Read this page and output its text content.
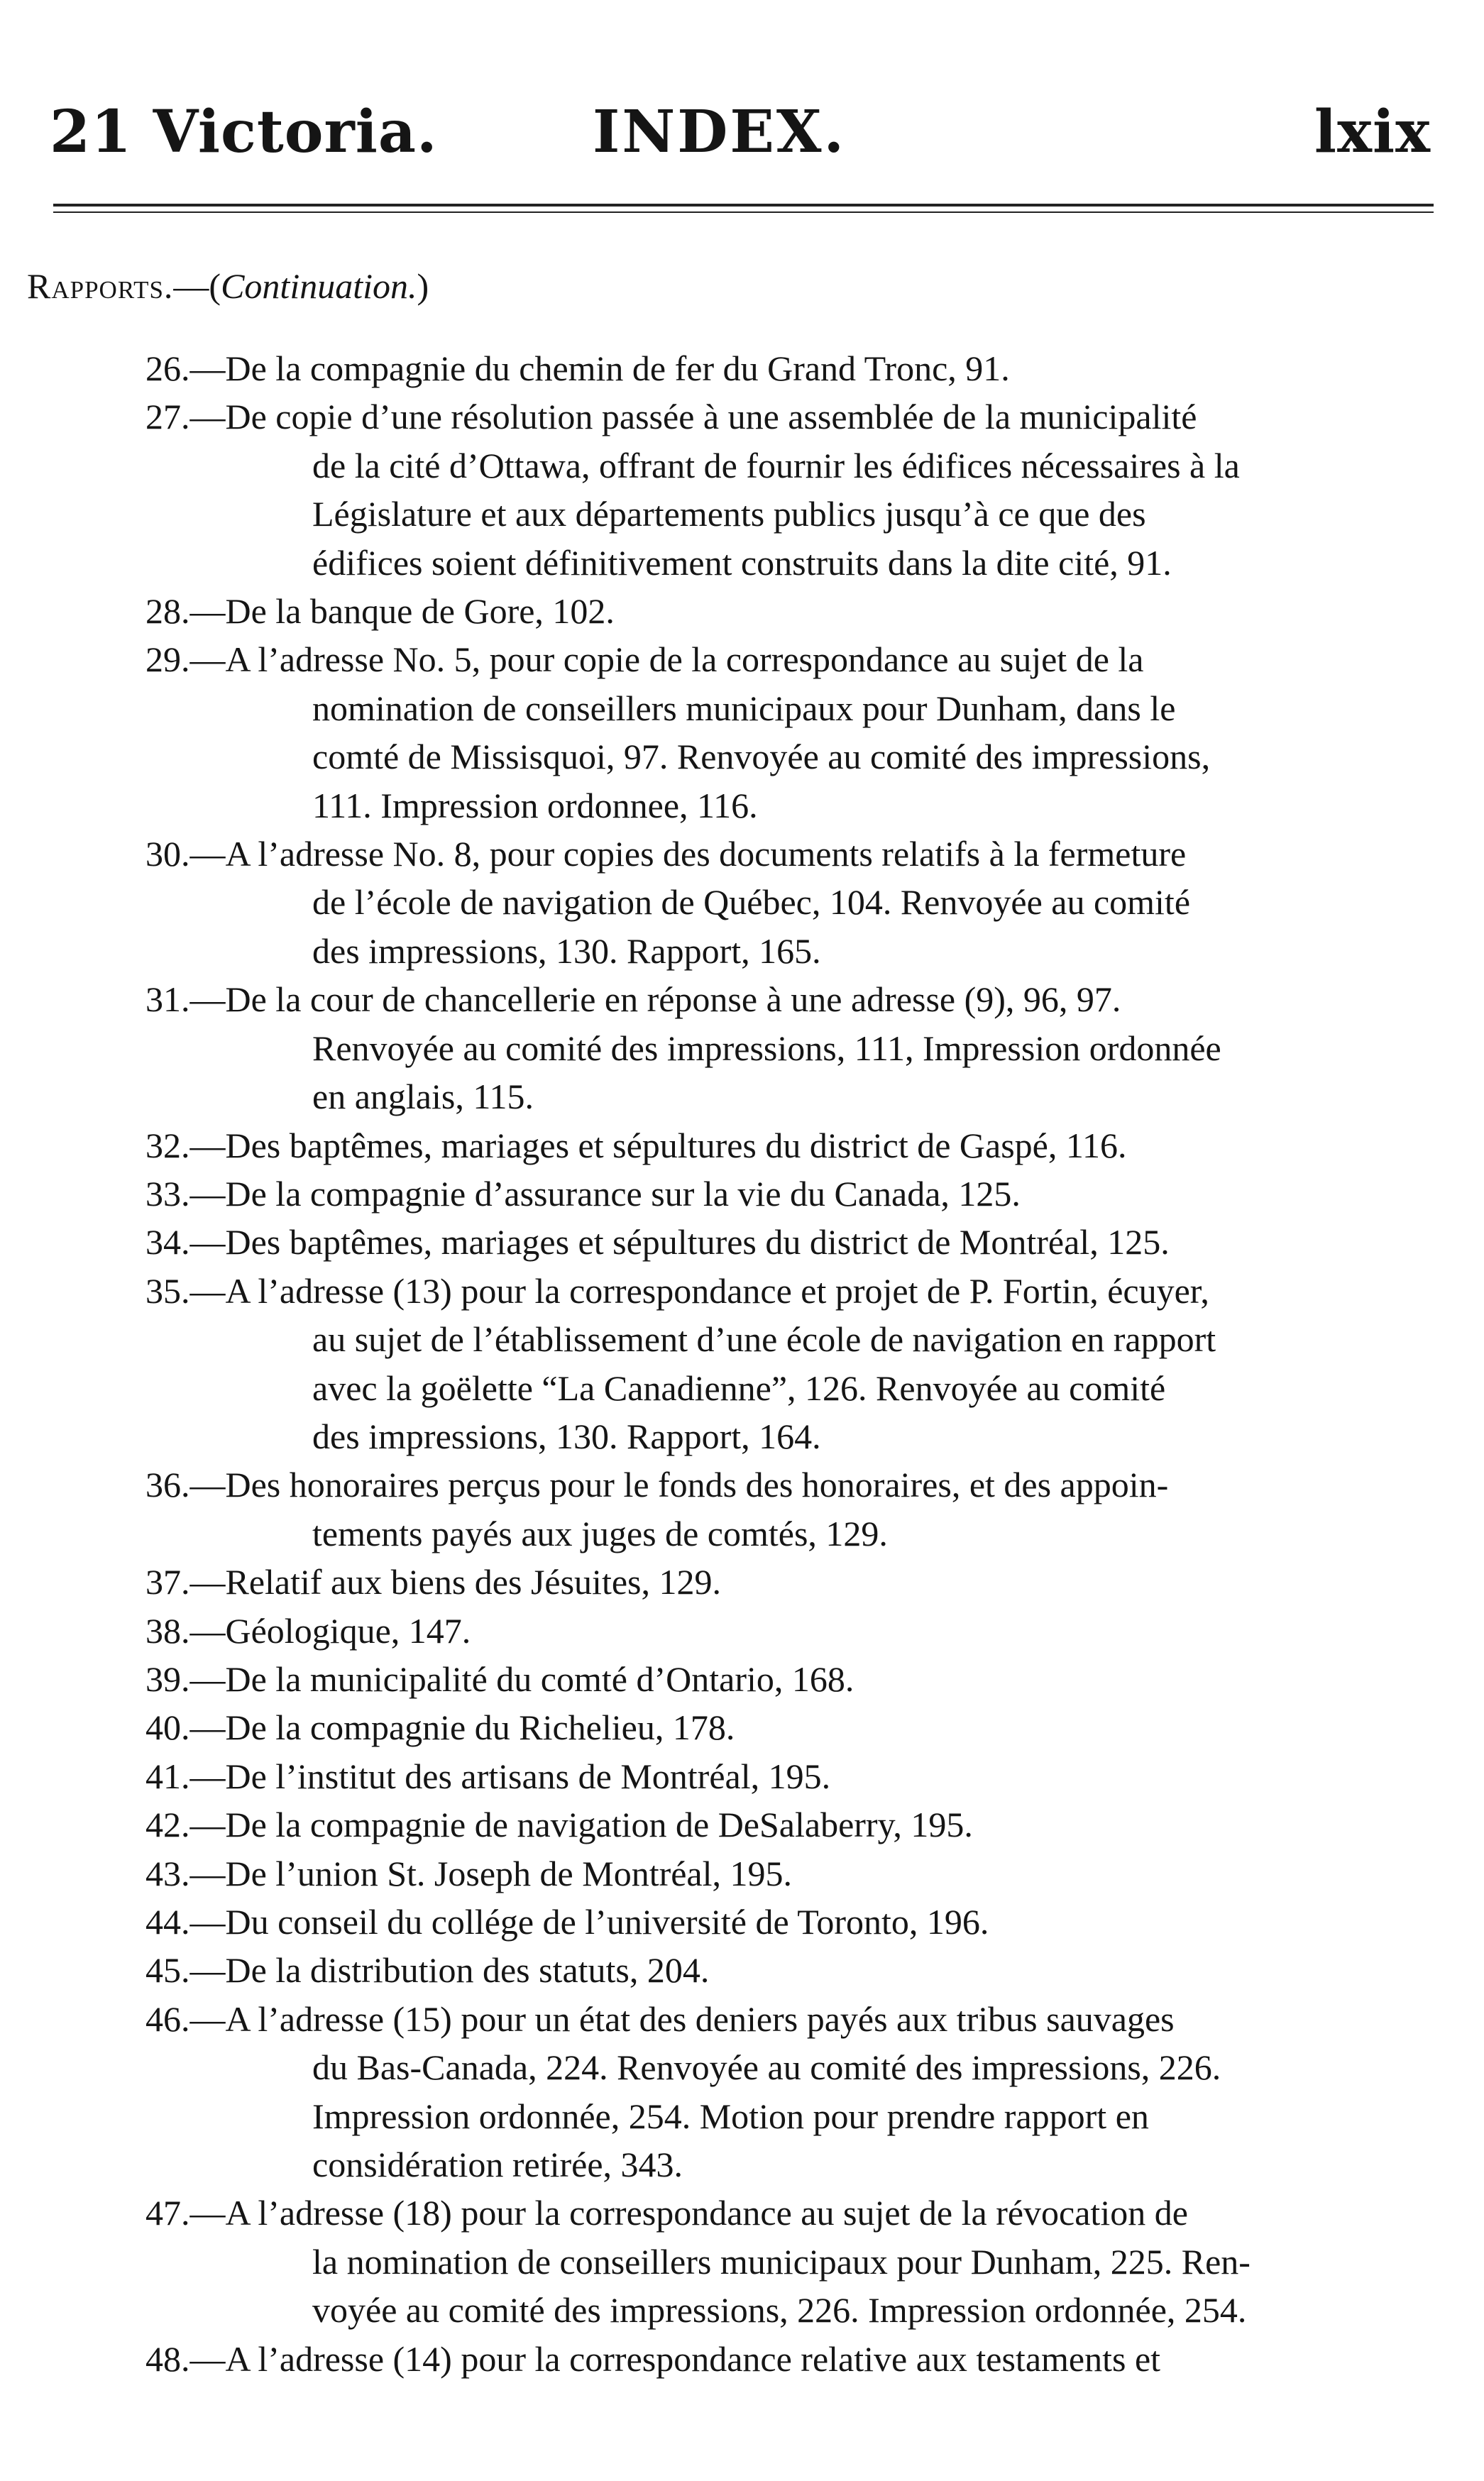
21 Victoria.	INDEX.	lxix
Rapports.—(Continuation.)
26.—De la compagnie du chemin de fer du Grand Tronc, 91.
27.—De copie d’une résolution passée à une assemblée de la municipalité
de la cité d’Ottawa, offrant de fournir les édifices nécessaires à la
Législature et aux départements publics jusqu’à ce que des
édifices soient définitivement construits dans la dite cité, 91.
28.—De la banque de Gore, 102.
29.—A l’adresse No. 5, pour copie de la correspondance au sujet de la
nomination de conseillers municipaux pour Dunham, dans le
comté de Missisquoi, 97. Renvoyée au comité des impressions,
111. Impression ordonnee, 116.
30.—A l’adresse No. 8, pour copies des documents relatifs à la fermeture
de l’école de navigation de Québec, 104. Renvoyée au comité
des impressions, 130. Rapport, 165.
31.—De la cour de chancellerie en réponse à une adresse (9), 96, 97.
Renvoyée au comité des impressions, 111, Impression ordonnée
en anglais, 115.
32.—Des baptêmes, mariages et sépultures du district de Gaspé, 116.
33.—De la compagnie d’assurance sur la vie du Canada, 125.
34.—Des baptêmes, mariages et sépultures du district de Montréal, 125.
35.—A l’adresse (13) pour la correspondance et projet de P. Fortin, écuyer,
au sujet de l’établissement d’une école de navigation en rapport
avec la goëlette “La Canadienne”, 126. Renvoyée au comité
des impressions, 130. Rapport, 164.
36.—Des honoraires perçus pour le fonds des honoraires, et des appoin-
tements payés aux juges de comtés, 129.
37.—Relatif aux biens des Jésuites, 129.
38.—Géologique, 147.
39.—De la municipalité du comté d’Ontario, 168.
40.—De la compagnie du Richelieu, 178.
41.—De l’institut des artisans de Montréal, 195.
42.—De la compagnie de navigation de DeSalaberry, 195.
43.—De l’union St. Joseph de Montréal, 195.
44.—Du conseil du collége de l’université de Toronto, 196.
45.—De la distribution des statuts, 204.
46.—A l’adresse (15) pour un état des deniers payés aux tribus sauvages
du Bas-Canada, 224. Renvoyée au comité des impressions, 226.
Impression ordonnée, 254. Motion pour prendre rapport en
considération retirée, 343.
47.—A l’adresse (18) pour la correspondance au sujet de la révocation de
la nomination de conseillers municipaux pour Dunham, 225. Ren-
voyée au comité des impressions, 226. Impression ordonnée, 254.
48.—A l’adresse (14) pour la correspondance relative aux testaments et
